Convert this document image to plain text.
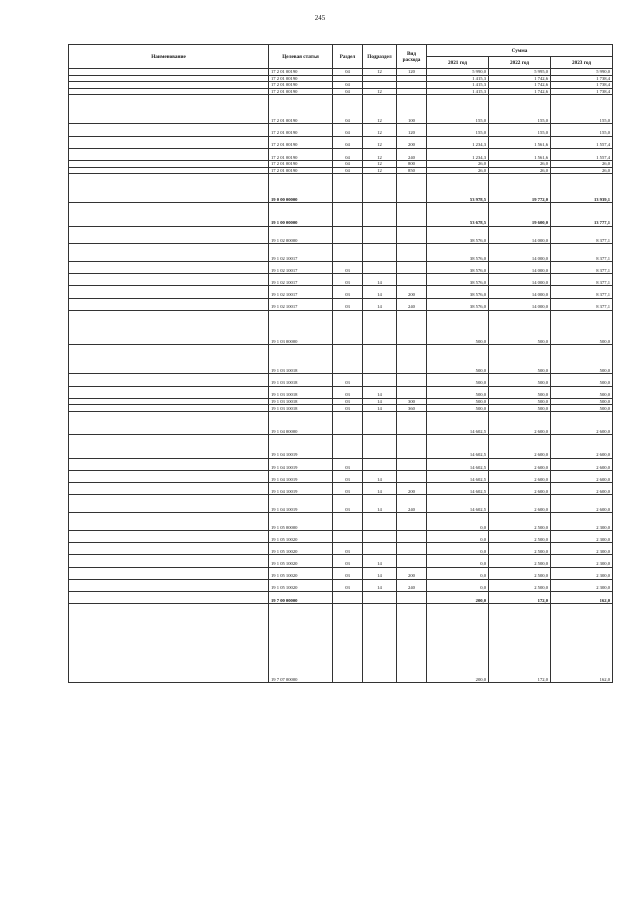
245
Наименование	Целевая статья	Раздел	Подраздел	Вид расхода	Сумма		
					2021 год	2022 год	2023 год
	17 2 01 00190	04	12	120	5 990,0	5 995,0	5 990,0
	17 2 01 00190				1 415,3	1 742,6	1 738,4
	17 2 01 00190	04			1 415,3	1 742,6	1 738,4
	17 2 01 00190	04	12		1 415,3	1 742,6	1 738,4
	17 2 01 00190	04	12	100	155,0	155,0	155,0
	17 2 01 00190	04	12	120	155,0	155,0	155,0
	17 2 01 00190	04	12	200	1 234,3	1 561,6	1 557,4
	17 2 01 00190	04	12	240	1 234,3	1 561,6	1 557,4
	17 2 01 00190	04	12	800	26,0	26,0	26,0
	17 2 01 00190	04	12	850	26,0	26,0	26,0
	19 0 00 00000				53 978,5	19 772,0	13 939,1
	19 1 00 00000				53 678,5	19 600,0	13 777,1
	19 1 02 00000				38 576,0	14 000,0	8 377,1
	19 1 02 10017				38 576,0	14 000,0	8 377,1
	19 1 02 10017	03			38 576,0	14 000,0	8 377,1
	19 1 02 10017	03	14		38 576,0	14 000,0	8 377,1
	19 1 02 10017	03	14	200	38 576,0	14 000,0	8 377,1
	19 1 02 10017	03	14	240	38 576,0	14 000,0	8 377,1
	19 1 03 00000				500,0	500,0	500,0
	19 1 03 10018				500,0	500,0	500,0
	19 1 03 10018	03			500,0	500,0	500,0
	19 1 03 10018	03	14		500,0	500,0	500,0
	19 1 03 10018	03	14	300	500,0	500,0	500,0
	19 1 03 10018	03	14	360	500,0	500,0	500,0
	19 1 04 00000				14 602,5	2 600,0	2 600,0
	19 1 04 10019				14 602,5	2 600,0	2 600,0
	19 1 04 10019	03			14 602,5	2 600,0	2 600,0
	19 1 04 10019	03	14		14 602,5	2 600,0	2 600,0
	19 1 04 10019	03	14	200	14 602,5	2 600,0	2 600,0
	19 1 04 10019	03	14	240	14 602,5	2 600,0	2 600,0
	19 1 05 00000				0,0	2 500,0	2 300,0
	19 1 05 10020				0,0	2 500,0	2 300,0
	19 1 05 10020	03			0,0	2 500,0	2 300,0
	19 1 05 10020	03	14		0,0	2 500,0	2 300,0
	19 1 05 10020	03	14	200	0,0	2 500,0	2 300,0
	19 1 05 10020	03	14	240	0,0	2 500,0	2 300,0
	19 7 00 00000				200,0	172,0	162,0
	19 7 07 00000				200,0	172,0	162,0
